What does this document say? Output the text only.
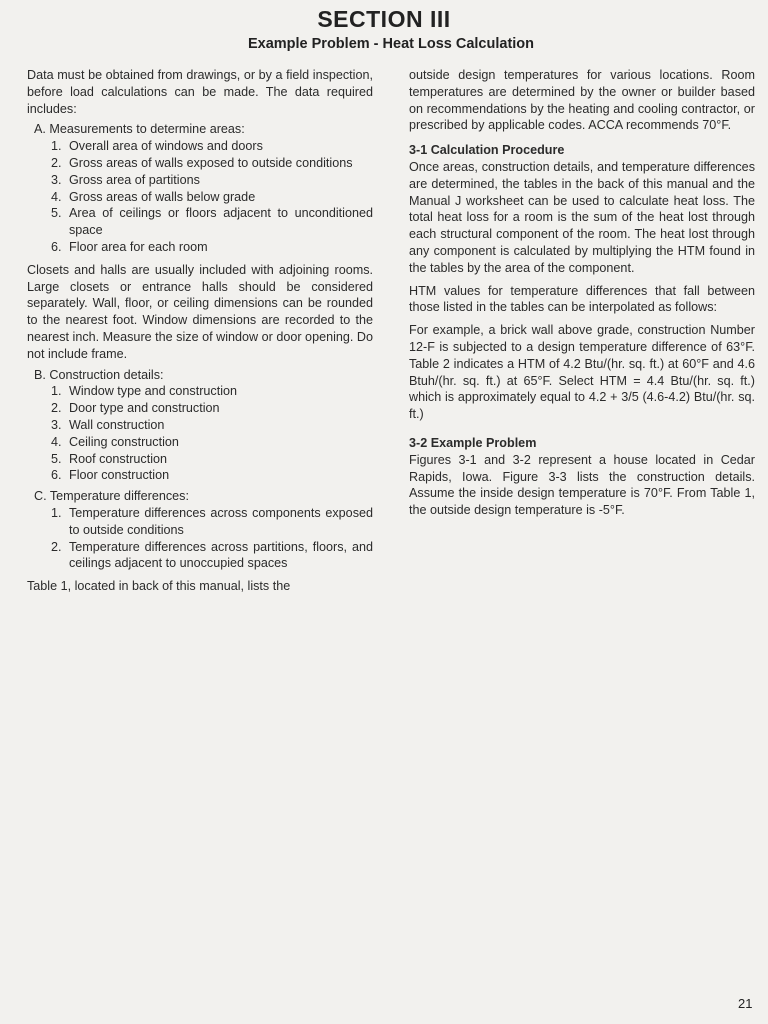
SECTION III
Example Problem - Heat Loss Calculation

Data must be obtained from drawings, or by a field inspection, before load calculations can be made. The data required includes:

A. Measurements to determine areas:
1. Overall area of windows and doors
2. Gross areas of walls exposed to outside conditions
3. Gross area of partitions
4. Gross areas of walls below grade
5. Area of ceilings or floors adjacent to unconditioned space
6. Floor area for each room

Closets and halls are usually included with adjoining rooms. Large closets or entrance halls should be considered separately. Wall, floor, or ceiling dimensions can be rounded to the nearest foot. Window dimensions are recorded to the nearest inch. Measure the size of window or door opening. Do not include frame.

B. Construction details:
1. Window type and construction
2. Door type and construction
3. Wall construction
4. Ceiling construction
5. Roof construction
6. Floor construction
C. Temperature differences:
1. Temperature differences across components exposed to outside conditions
2. Temperature differences across partitions, floors, and ceilings adjacent to unoccupied spaces

Table 1, located in back of this manual, lists the

outside design temperatures for various locations. Room temperatures are determined by the owner or builder based on recommendations by the heating and cooling contractor, or prescribed by applicable codes. ACCA recommends 70°F.

3-1 Calculation Procedure

Once areas, construction details, and temperature differences are determined, the tables in the back of this manual and the Manual J worksheet can be used to calculate heat loss. The total heat loss for a room is the sum of the heat lost through each structural component of the room. The heat lost through any component is calculated by multiplying the HTM found in the tables by the area of the component.

HTM values for temperature differences that fall between those listed in the tables can be interpolated as follows:

For example, a brick wall above grade, construction Number 12-F is subjected to a design temperature difference of 63°F. Table 2 indicates a HTM of 4.2 Btu/(hr. sq. ft.) at 60°F and 4.6 Btuh/(hr. sq. ft.) at 65°F. Select HTM = 4.4 Btu/(hr. sq. ft.) which is approximately equal to 4.2 + 3/5 (4.6-4.2) Btu/(hr. sq. ft.)

3-2 Example Problem

Figures 3-1 and 3-2 represent a house located in Cedar Rapids, Iowa. Figure 3-3 lists the construction details. Assume the inside design temperature is 70°F. From Table 1, the outside design temperature is -5°F.

21
